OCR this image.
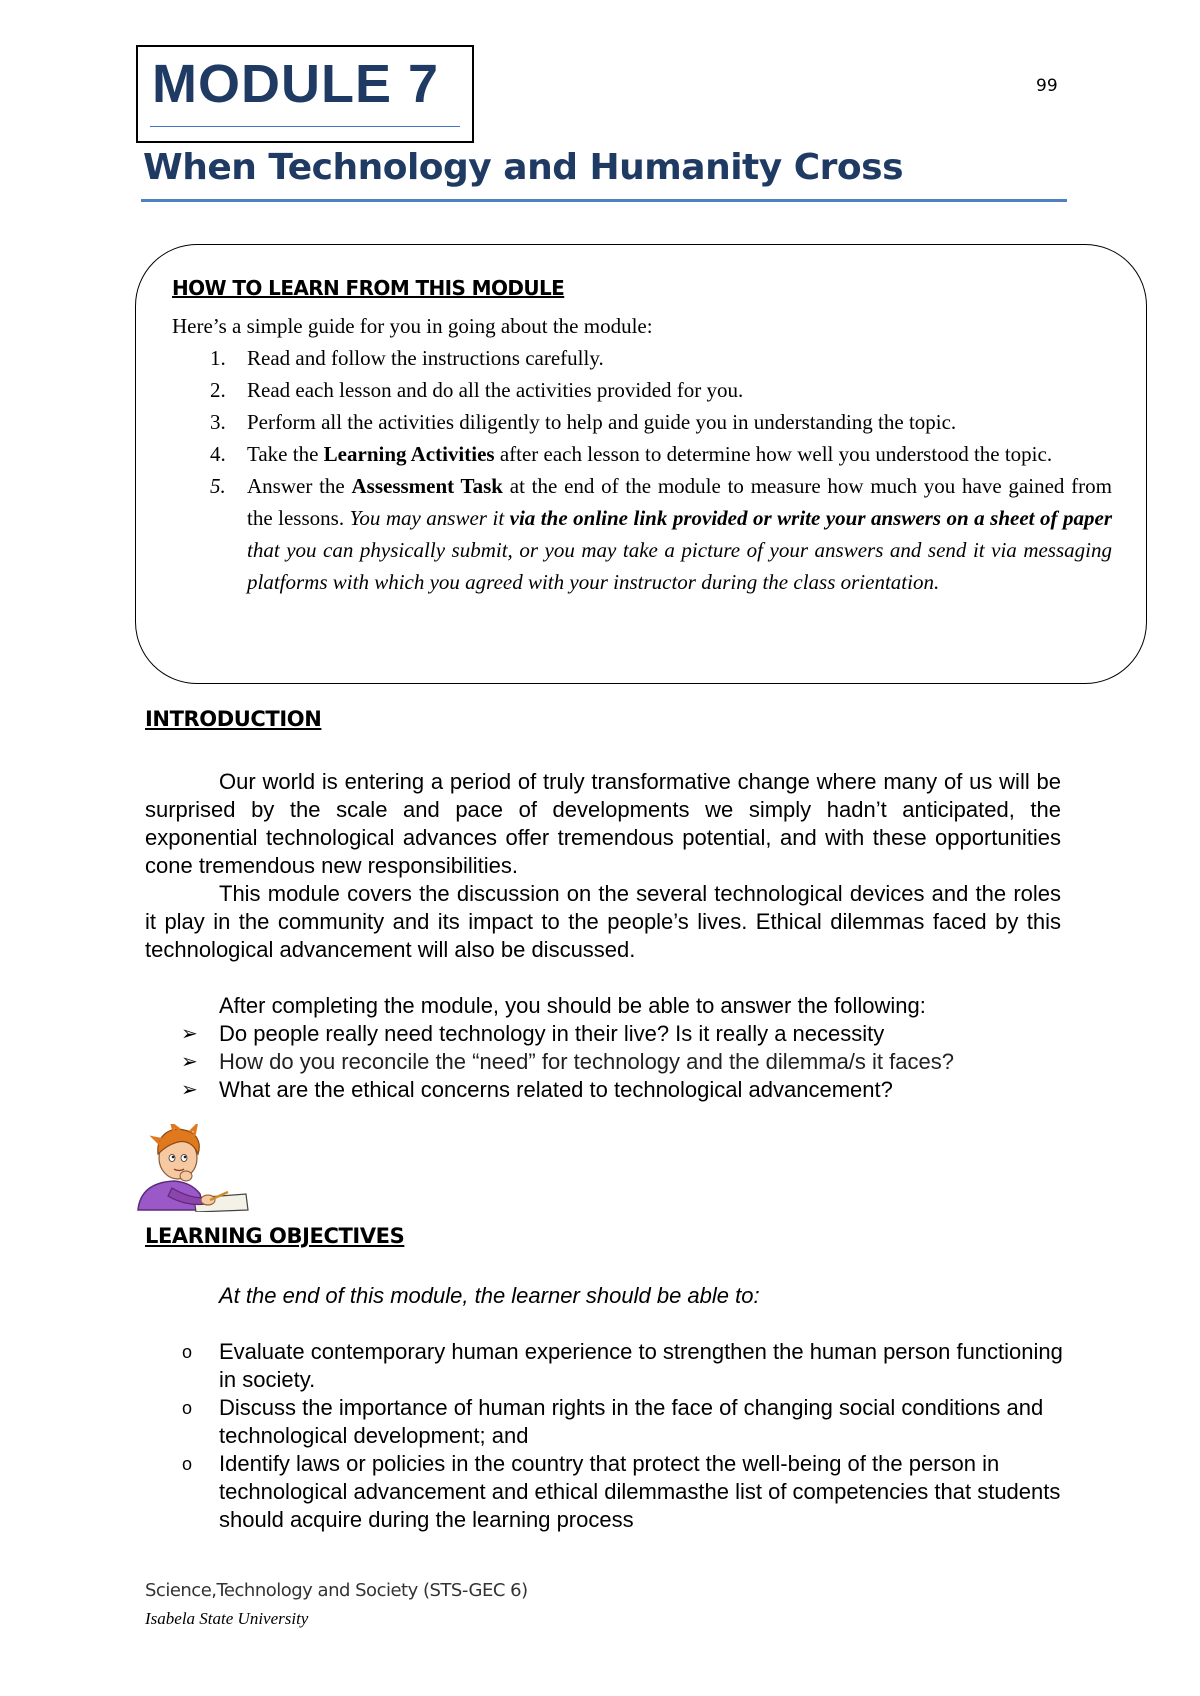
MODULE 7	99
When Technology and Humanity Cross
HOW TO LEARN FROM THIS MODULE
Here’s a simple guide for you in going about the module:
1. Read and follow the instructions carefully.
2. Read each lesson and do all the activities provided for you.
3. Perform all the activities diligently to help and guide you in understanding the topic.
4. Take the Learning Activities after each lesson to determine how well you understood the topic.
5. Answer the Assessment Task at the end of the module to measure how much you have gained from the lessons. You may answer it via the online link provided or write your answers on a sheet of paper that you can physically submit, or you may take a picture of your answers and send it via messaging platforms with which you agreed with your instructor during the class orientation.
INTRODUCTION
Our world is entering a period of truly transformative change where many of us will be surprised by the scale and pace of developments we simply hadn’t anticipated, the exponential technological advances offer tremendous potential, and with these opportunities cone tremendous new responsibilities.
This module covers the discussion on the several technological devices and the roles it play in the community and its impact to the people’s lives. Ethical dilemmas faced by this technological advancement will also be discussed.
After completing the module, you should be able to answer the following:
➢ Do people really need technology in their live? Is it really a necessity
➢ How do you reconcile the “need” for technology and the dilemma/s it faces?
➢ What are the ethical concerns related to technological advancement?
LEARNING OBJECTIVES
At the end of this module, the learner should be able to:
o Evaluate contemporary human experience to strengthen the human person functioning in society.
o Discuss the importance of human rights in the face of changing social conditions and technological development; and
o Identify laws or policies in the country that protect the well-being of the person in technological advancement and ethical dilemmasthe list of competencies that students should acquire during the learning process
Science,Technology and Society (STS-GEC 6)
Isabela State University
